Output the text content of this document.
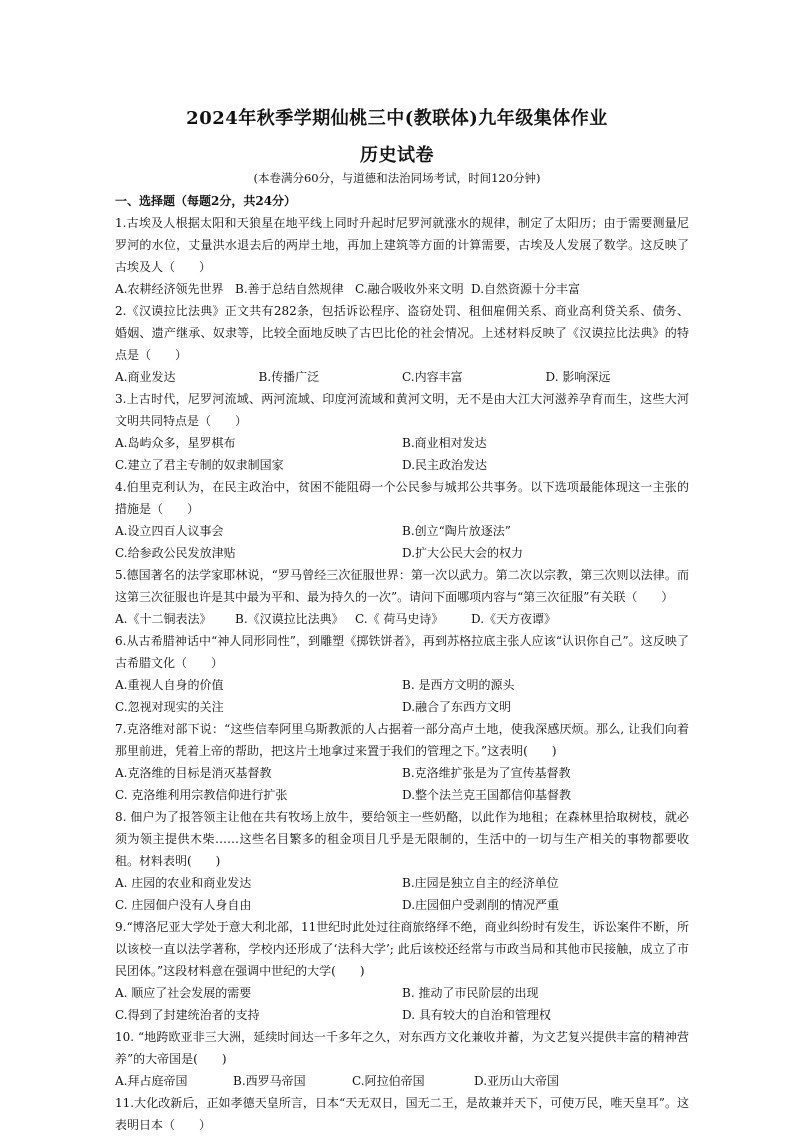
2024年秋季学期仙桃三中(教联体)九年级集体作业
历史试卷
(本卷满分60分，与道德和法治同场考试，时间120分钟)
一、选择题（每题2分，共24分）
1.古埃及人根据太阳和天狼星在地平线上同时升起时尼罗河就涨水的规律，制定了太阳历；由于需要测量尼罗河的水位，丈量洪水退去后的两岸土地，再加上建筑等方面的计算需要，古埃及人发展了数学。这反映了古埃及人（　　）
A.农耕经济领先世界 B.善于总结自然规律 C.融合吸收外来文明 D.自然资源十分丰富
2.《汉谟拉比法典》正文共有282条，包括诉讼程序、盗窃处罚、租佃雇佣关系、商业高利贷关系、债务、婚姻、遗产继承、奴隶等，比较全面地反映了古巴比伦的社会情况。上述材料反映了《汉谟拉比法典》的特点是（　　）
A.商业发达	B.传播广泛	C.内容丰富	D. 影响深远
3.上古时代，尼罗河流域、两河流域、印度河流域和黄河文明，无不是由大江大河滋养孕育而生，这些大河文明共同特点是（　　）
A.岛屿众多，星罗棋布	B.商业相对发达
C.建立了君主专制的奴隶制国家	D.民主政治发达
4.伯里克利认为，在民主政治中，贫困不能阻碍一个公民参与城邦公共事务。以下选项最能体现这一主张的措施是（　　）
A.设立四百人议事会	B.创立“陶片放逐法”
C.给参政公民发放津贴	D.扩大公民大会的权力
5.德国著名的法学家耶林说，“罗马曾经三次征服世界：第一次以武力。第二次以宗教，第三次则以法律。而这第三次征服也许是其中最为平和、最为持久的一次”。请问下面哪项内容与“第三次征服”有关联（　　）
A.《十二铜表法》	B.《汉谟拉比法典》 C.《 荷马史诗》	D.《天方夜谭》
6.从古希腊神话中“神人同形同性”，到雕塑《掷铁饼者》，再到苏格拉底主张人应该“认识你自己”。这反映了古希腊文化（　　）
A.重视人自身的价值	B. 是西方文明的源头
C.忽视对现实的关注	D.融合了东西方文明
7.克洛维对部下说：“这些信奉阿里乌斯教派的人占据着一部分高卢土地，使我深感厌烦。那么, 让我们向着那里前进，凭着上帝的帮助，把这片土地拿过来置于我们的管理之下。”这表明(　　)
A.克洛维的目标是消灭基督教	B.克洛维扩张是为了宣传基督教
C. 克洛维利用宗教信仰进行扩张	D.整个法兰克王国都信仰基督教
8. 佃户为了报答领主让他在共有牧场上放牛，要给领主一些奶酪，以此作为地租；在森林里拾取树枝，就必须为领主提供木柴……这些名目繁多的租金项目几乎是无限制的，生活中的一切与生产相关的事物都要收租。材料表明(　　)
A. 庄园的农业和商业发达	B.庄园是独立自主的经济单位
C. 庄园佃户没有人身自由	D.庄园佃户受剥削的情况严重
9.“博洛尼亚大学处于意大利北部，11世纪时此处过往商旅络绎不绝，商业纠纷时有发生，诉讼案件不断，所以该校一直以法学著称，学校内还形成了‘法科大学’; 此后该校还经常与市政当局和其他市民接触，成立了市民团体。”这段材料意在强调中世纪的大学(　　)
A. 顺应了社会发展的需要	B. 推动了市民阶层的出现
C.得到了封建统治者的支持	D. 具有较大的自治和管理权
10. “地跨欧亚非三大洲，延续时间达一千多年之久，对东西方文化兼收并蓄，为文艺复兴提供丰富的精神营养”的大帝国是(　　)
A.拜占庭帝国	B.西罗马帝国	C.阿拉伯帝国	D.亚历山大帝国
11.大化改新后，正如孝德天皇所言，日本“天无双日，国无二王，是故兼并天下，可使万民，唯天皇耳”。这表明日本（　　）
